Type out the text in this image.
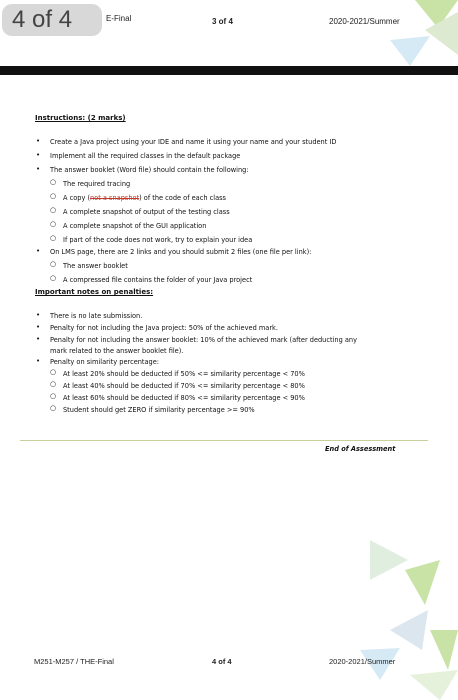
4 of 4	E-Final	3 of 4	2020-2021/Summer
Instructions: (2 marks)
• Create a Java project using your IDE and name it using your name and your student ID
• Implement all the required classes in the default package
• The answer booklet (Word file) should contain the following:
○ The required tracing
○ A copy (not a snapshot) of the code of each class
○ A complete snapshot of output of the testing class
○ A complete snapshot of the GUI application
○ If part of the code does not work, try to explain your idea
• On LMS page, there are 2 links and you should submit 2 files (one file per link):
○ The answer booklet
○ A compressed file contains the folder of your Java project
Important notes on penalties:
• There is no late submission.
• Penalty for not including the Java project: 50% of the achieved mark.
• Penalty for not including the answer booklet: 10% of the achieved mark (after deducting any
mark related to the answer booklet file).
• Penalty on similarity percentage:
○ At least 20% should be deducted if 50% <= similarity percentage < 70%
○ At least 40% should be deducted if 70% <= similarity percentage < 80%
○ At least 60% should be deducted if 80% <= similarity percentage < 90%
○ Student should get ZERO if similarity percentage >= 90%
End of Assessment
M251-M257 / THE-Final	4 of 4	2020-2021/Summer
